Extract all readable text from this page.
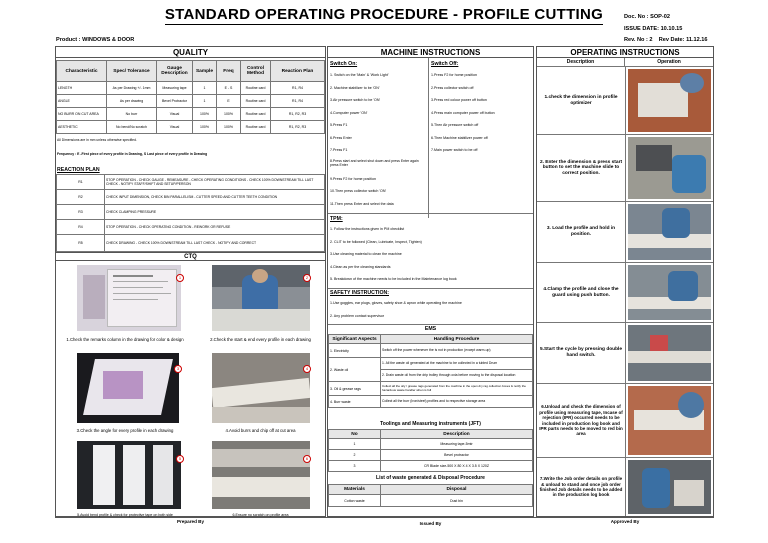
STANDARD OPERATING PROCEDURE - PROFILE CUTTING	Doc. No : SOP-02
ISSUE DATE: 10.10.15
Rev. No : 2    Rev Date: 11.12.16
Product : WINDOWS & DOOR
QUALITY
Characteristic	Spec/ Tolerance	Gauge Description	Sample	Freq	Control Method	Reaction Plan
LENGTH	As per Drawing +/- 1mm	Measuring tape	1	E - S	Routine card	R1, R4
ANGLE	As per drawing	Bevel Protractor	1	E	Routine card	R1, R4
NO BURR ON CUT AREA	No burr	Visual	100%	100%	Routine card	R1, R2, R3
AESTHETIC	No bend/No scratch	Visual	100%	100%	Routine card	R1, R2, R3
All Dimensions are in mm unless otherwise specified.
Frequency : E -First piece of every profile in Drawing, S Last piece of every profile in Drawing
REACTION PLAN
R1	STOP OPERATION - CHECK GAUGE - REMEASURE - CHECK OPERATING CONDITIONS - CHECK 100% DOWNSTREAM TILL LAST CHECK - NOTIFY STAFF/SHIFT AND SETUP/PERSON
R2	CHECK INPUT DIMENSION, CHECK BIN PARALLELISM - CUTTER SPEED AND CUTTER TEETH CONDITION
R3	CHECK CLAMPING PRESSURE
R4	STOP OPERATION - CHECK OPERATING CONDITION - REWORK OR REFUSE
R5	CHECK DRAWING - CHECK 100% DOWNSTREAM TILL LAST CHECK - NOTIFY AND CORRECT
CTQ
1	2
1.Check the remarks column in the drawing for color & design	2.Check the start & end every profile in each drawing
3	4
3.Check the angle for every profile in each drawing	4.Avoid burrs and chip off at cut area
5	6
5.Avoid bend profile & check for protective tape on both side	6.Ensure no scratch on profile area
MACHINE INSTRUCTIONS
Switch On:	Switch Off:
1. Switch on the 'Main' & 'Work Light'
2. Machine stabilizer to be 'ON'
3.Air pressure switch to be 'ON'
4.Computer power 'ON'
5.Press F1
6.Press Enter
7.Press F1
8.Press start and select shut down and press Enter again press Enter
9.Press F2 for home position
10.Then press collector switch 'ON'
11.Then press Enter and select the data
1.Press F2 for home position
2.Press collector switch off
3.Press red colour power off button
4.Press main computer power off button
5.Then Air pressure switch off
6.Then Machine stabilizer power off
7.Main power switch to be off
TPM:
1. Follow the instructions given in PM checklist
2. CLIT to be followed (Clean, Lubricate, Inspect, Tighten)
3.Use cleaning material to clean the machine
4.Clean as per the cleaning standards
5. Breakdown of the machine needs to be included in the Maintenance log book
SAFETY INSTRUCTION:
1.Use goggles, ear plugs, gloves, safety shoe & apron while operating the machine
2. Any problem contact supervisor
EMS
Significant Aspects	Handling Procedure
1. Electricity	Switch off the power whenever the is not in production (except warm-up)
2. Waste oil	1. All the waste oil generated at the machine to be collected in a tubled Drum
	2. Drain waste oil from the drip trolley through oxia before moving to the disposal location
3. Oil & grease rags	Collect all the oily / grease rags generated from the machine in the open dry rag collection boxes & notify the hazardous waste handler when is full
4. Burr waste	Collect all the burr (Iron/steel) profiles and to respective storage area
Toolings and Measuring instruments (JFT)
No	Description
1	Measuring tape-5mtr
2	Bevel protractor
3	CR Blade size-500 X 80 X 4 X 3.5 X 120Z
List of waste generated & Disposal Procedure
Materials	Disposal
Cotton waste	Dust bin
OPERATING INSTRUCTIONS
Description	Operation
1.check the dimension in profile optimizer
2. Enter the dimension & press start button to set the machine slide to correct position.
3. Load the profile and hold in position.
4.Clamp the profile and close the guard using push button.
5.Start the cycle by pressing double hand switch.
6.Unload and check the dimension of profile using measuring tape, Incase of rejection (IPR) occurred needs to be included in production log book and IPR parts needs to be moved to red bin area
7.Write the Job order details on profile & unload to stand and once job order finished Job details needs to be added in the production log book
Prepared By	Issued By	Approved By
